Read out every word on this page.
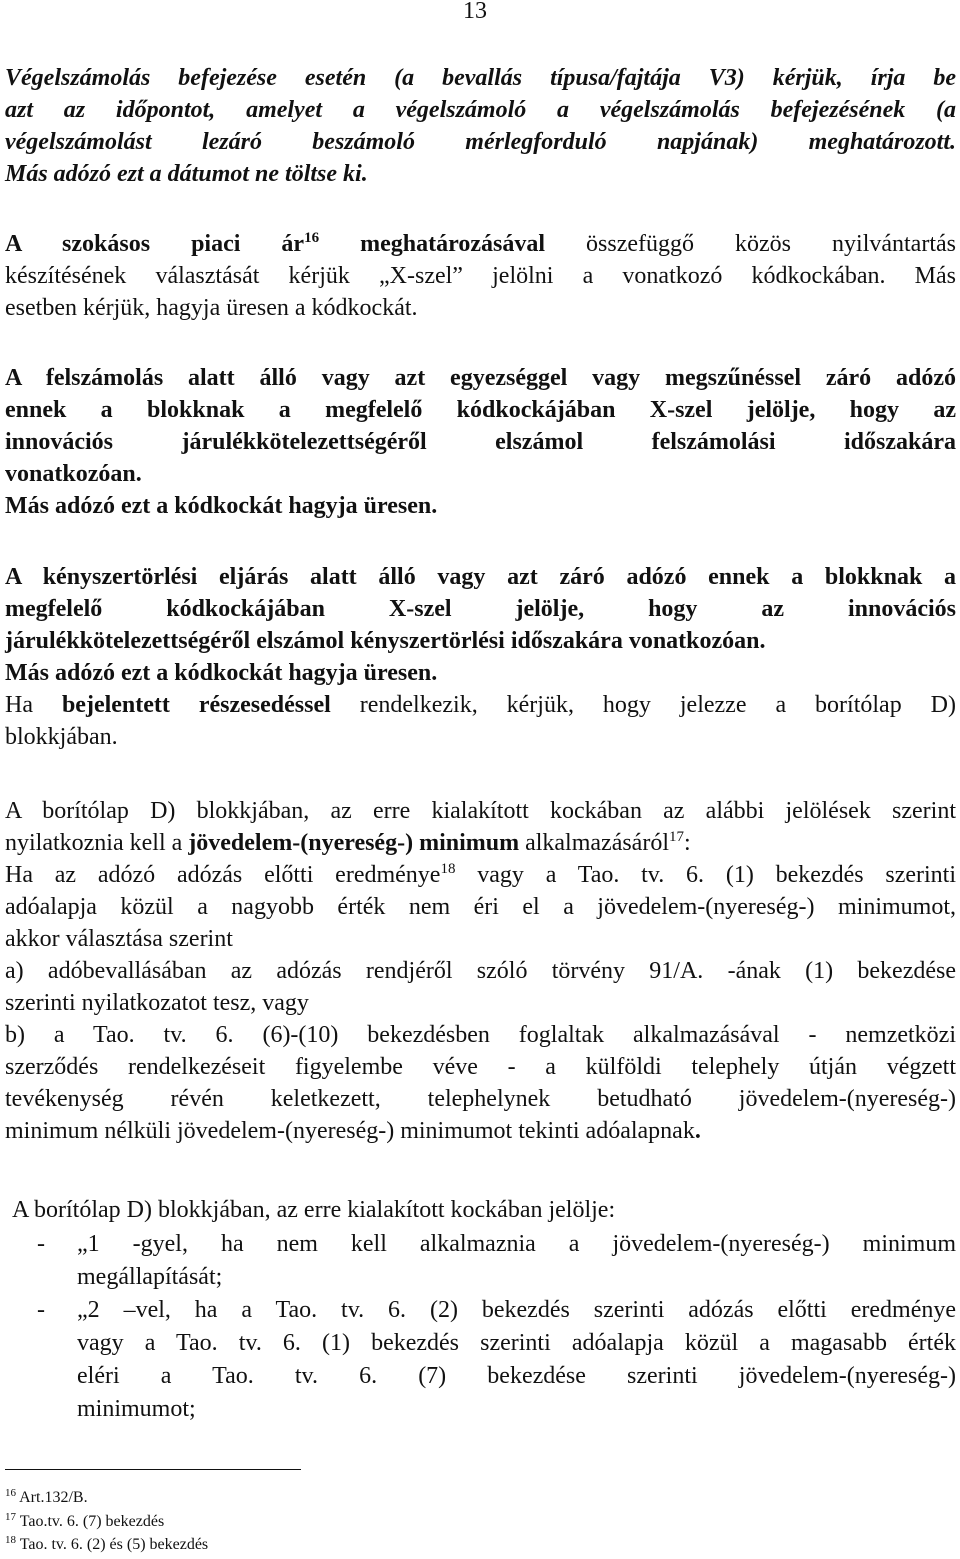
13
Végelszámolás befejezése esetén (a bevallás típusa/fajtája V3) kérjük, írja be
azt az időpontot, amelyet a végelszámoló a végelszámolás befejezésének (a
végelszámolást lezáró beszámoló mérlegforduló napjának) meghatározott.
Más adózó ezt a dátumot ne töltse ki.
A szokásos piaci $ár^{16}$ meghatározásával összefüggő közös nyilvántartás
készítésének választását kérjük „X-szel” jelölni a vonatkozó kódkockában. Más
esetben kérjük, hagyja üresen a kódkockát.
A felszámolás alatt álló vagy azt egyezséggel vagy megszűnéssel záró adózó
ennek a blokknak a megfelelő kódkockájában X-szel jelölje, hogy az
innovációs járulékkötelezettségéről elszámol felszámolási időszakára
vonatkozóan.
Más adózó ezt a kódkockát hagyja üresen.
A kényszertörlési eljárás alatt álló vagy azt záró adózó ennek a blokknak a
megfelelő kódkockájában X-szel jelölje, hogy az innovációs
járulékkötelezettségéről elszámol kényszertörlési időszakára vonatkozóan.
Más adózó ezt a kódkockát hagyja üresen.
Ha bejelentett részesedéssel rendelkezik, kérjük, hogy jelezze a borítólap D)
blokkjában.
A borítólap D) blokkjában, az erre kialakított kockában az alábbi jelölések szerint
nyilatkoznia kell a jövedelem-(nyereség-) minimum alkalmazásáról$^{17}$:
Ha az adózó adózás előtti eredménye$^{18}$ vagy a Tao. tv. 6. (1) bekezdés szerinti
adóalapja közül a nagyobb érték nem éri el a jövedelem-(nyereség-) minimumot,
akkor választása szerint
a) adóbevallásában az adózás rendjéről szóló törvény 91/A. -ának (1) bekezdése
szerinti nyilatkozatot tesz, vagy
b) a Tao. tv. 6. (6)-(10) bekezdésben foglaltak alkalmazásával - nemzetközi
szerződés rendelkezéseit figyelembe véve - a külföldi telephely útján végzett
tevékenység révén keletkezett, telephelynek betudható jövedelem-(nyereség-)
minimum nélküli jövedelem-(nyereség-) minimumot tekinti adóalapnak.
A borítólap D) blokkjában, az erre kialakított kockában jelölje:
- „1 -gyel, ha nem kell alkalmaznia a jövedelem-(nyereség-) minimum
megállapítását;
- „2 –vel, ha a Tao. tv. 6. (2) bekezdés szerinti adózás előtti eredménye
vagy a Tao. tv. 6. (1) bekezdés szerinti adóalapja közül a magasabb érték
eléri a Tao. tv. 6. (7) bekezdése szerinti jövedelem-(nyereség-)
minimumot;
$^{16}$ Art.132/B.
$^{17}$ Tao.tv. 6. (7) bekezdés
$^{18}$ Tao. tv. 6. (2) és (5) bekezdés
